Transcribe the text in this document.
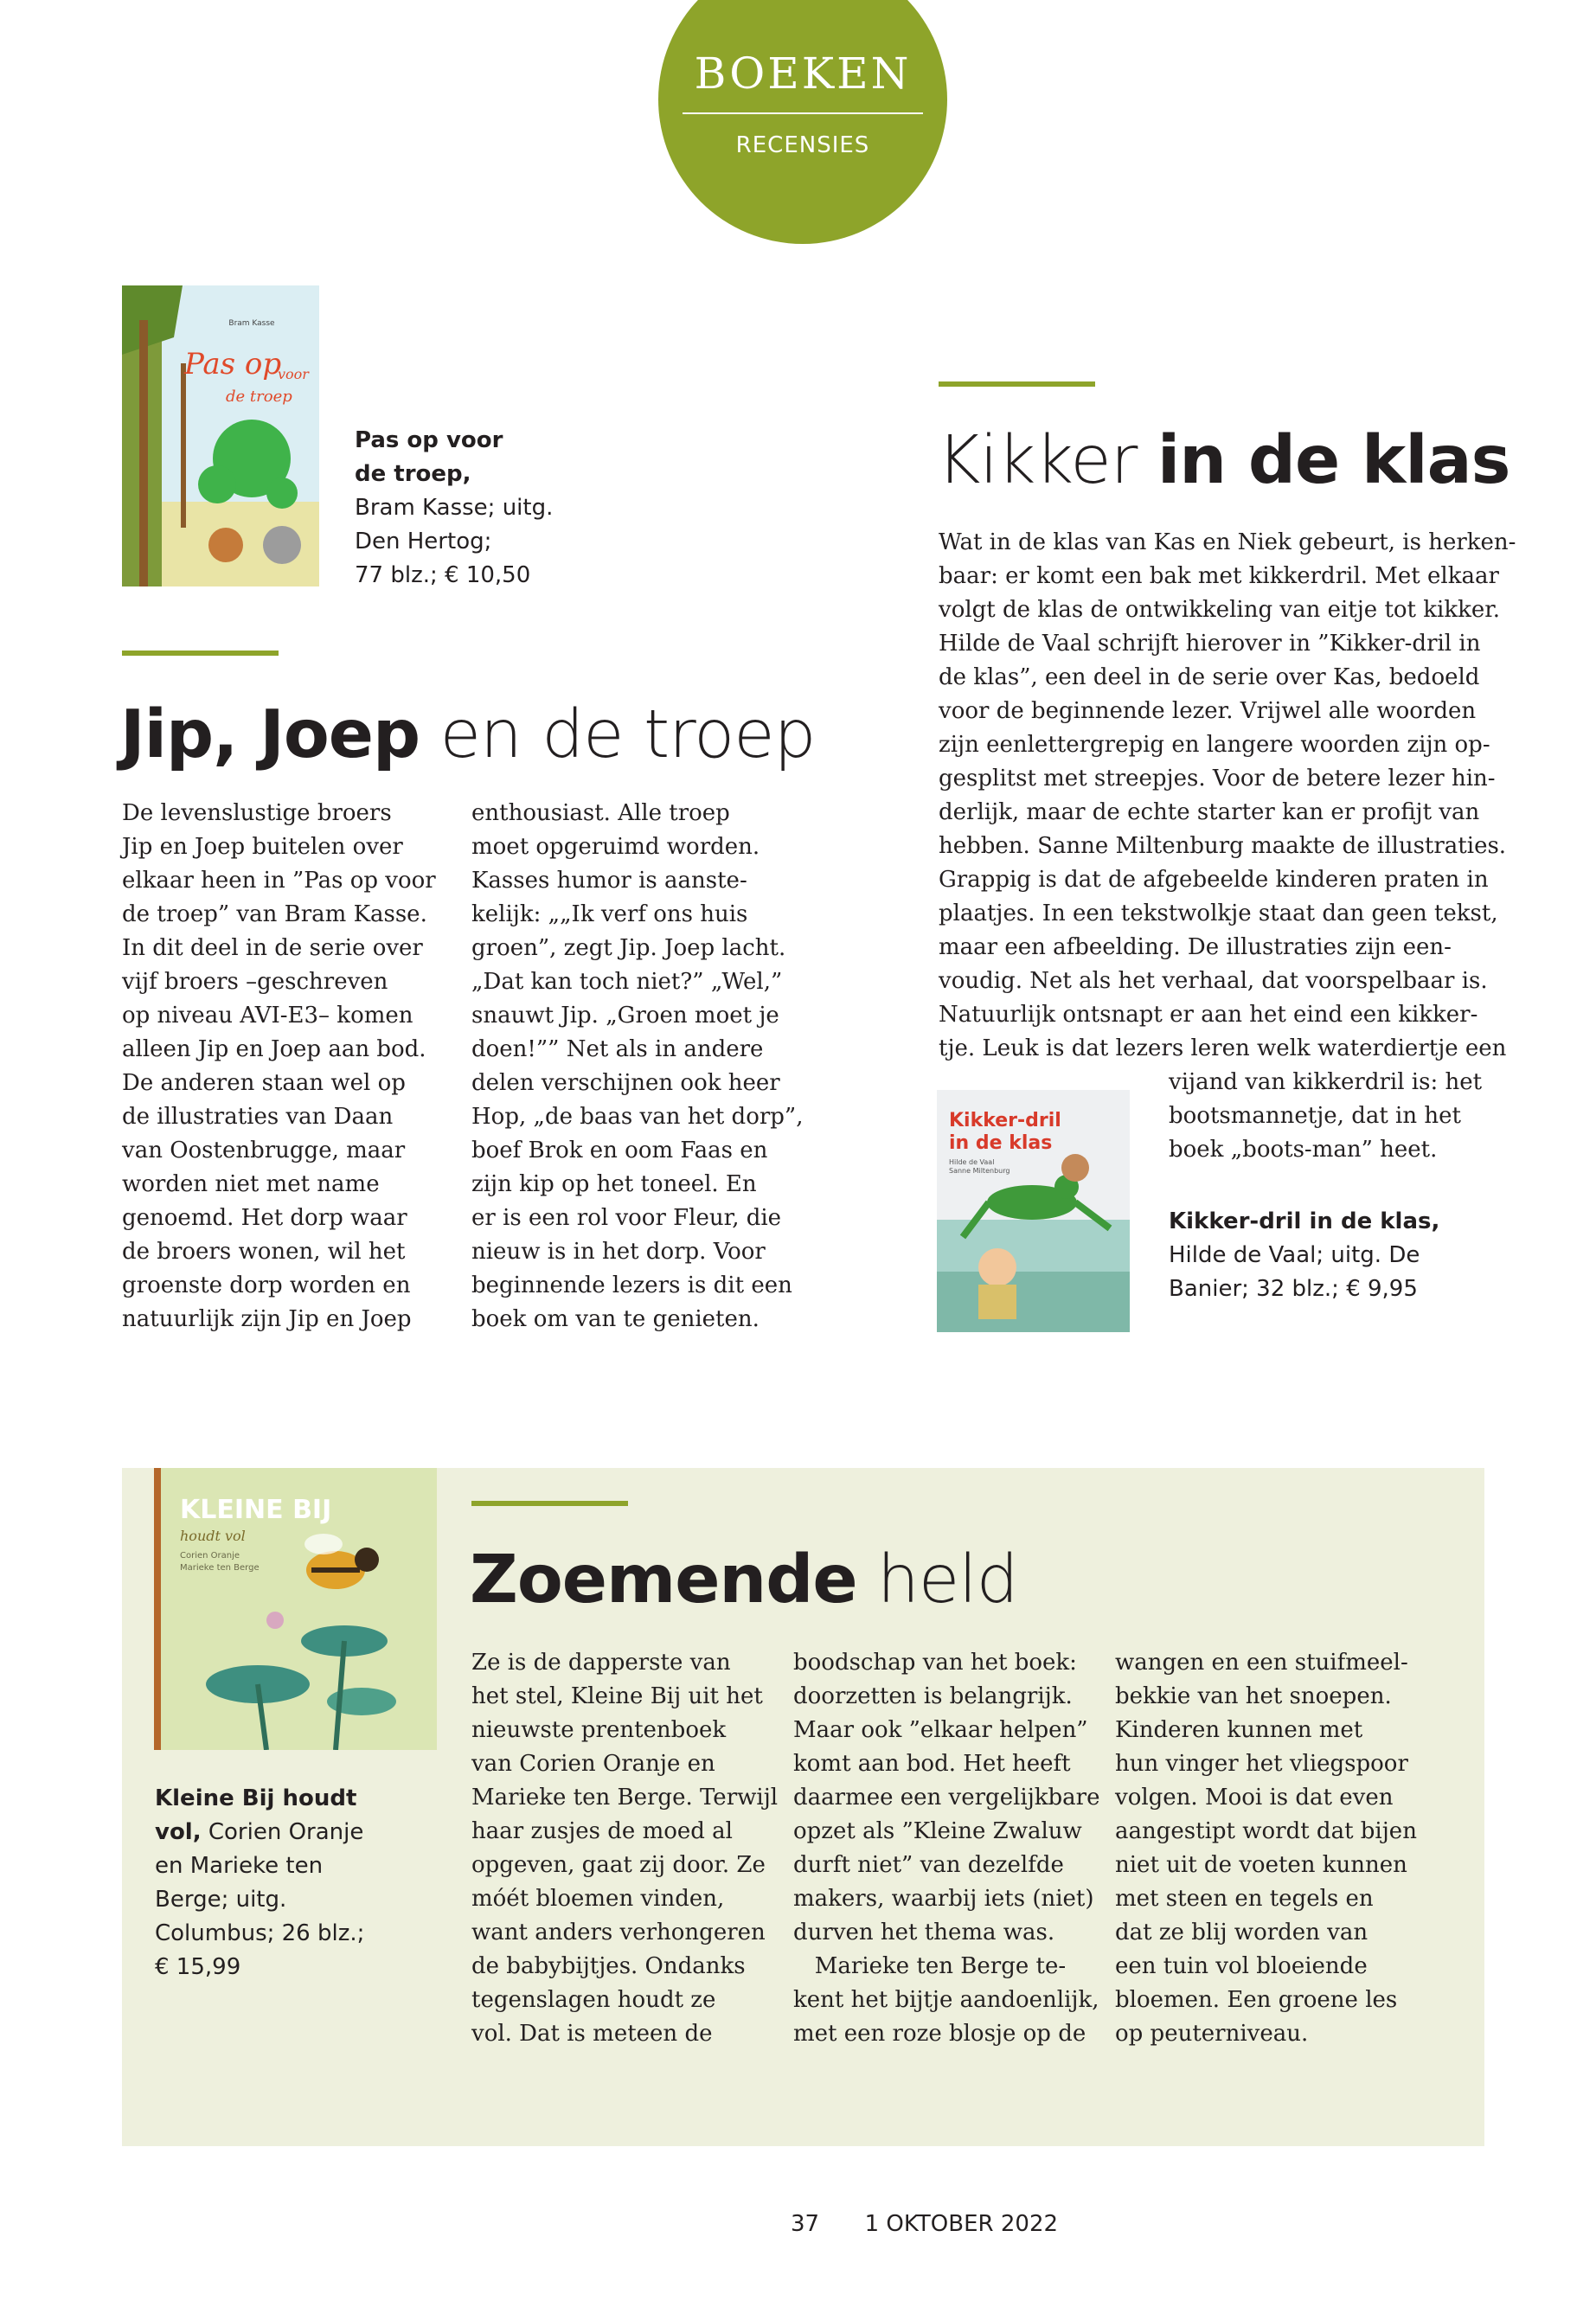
BOEKEN
RECENSIES
Bram Kasse
Pas op
voor
de troep
Pas op voor
de troep,
Bram Kasse; uitg.
Den Hertog;
77 blz.; € 10,50
Jip, Joep en de troep
De levenslustige broers
Jip en Joep buitelen over
elkaar heen in ”Pas op voor
de troep” van Bram Kasse.
In dit deel in de serie over
vijf broers –geschreven
op niveau AVI-E3– komen
alleen Jip en Joep aan bod.
De anderen staan wel op
de illustraties van Daan
van Oostenbrugge, maar
worden niet met name
genoemd. Het dorp waar
de broers wonen, wil het
groenste dorp worden en
natuurlijk zijn Jip en Joep
enthousiast. Alle troep
moet opgeruimd worden.
Kasses humor is aanste-
kelijk: „„Ik verf ons huis
groen”, zegt Jip. Joep lacht.
„Dat kan toch niet?” „Wel,”
snauwt Jip. „Groen moet je
doen!”” Net als in andere
delen verschijnen ook heer
Hop, „de baas van het dorp”,
boef Brok en oom Faas en
zijn kip op het toneel. En
er is een rol voor Fleur, die
nieuw is in het dorp. Voor
beginnende lezers is dit een
boek om van te genieten.
Kikker in de klas
Wat in de klas van Kas en Niek gebeurt, is herken-
baar: er komt een bak met kikkerdril. Met elkaar
volgt de klas de ontwikkeling van eitje tot kikker.
Hilde de Vaal schrijft hierover in ”Kikker-dril in
de klas”, een deel in de serie over Kas, bedoeld
voor de beginnende lezer. Vrijwel alle woorden
zijn eenlettergrepig en langere woorden zijn op-
gesplitst met streepjes. Voor de betere lezer hin-
derlijk, maar de echte starter kan er profijt van
hebben. Sanne Miltenburg maakte de illustraties.
Grappig is dat de afgebeelde kinderen praten in
plaatjes. In een tekstwolkje staat dan geen tekst,
maar een afbeelding. De illustraties zijn een-
voudig. Net als het verhaal, dat voorspelbaar is.
Natuurlijk ontsnapt er aan het eind een kikker-
tje. Leuk is dat lezers leren welk waterdiertje een
Kikker-dril
in de klas
Hilde de Vaal
Sanne Miltenburg
vijand van kikkerdril is: het
bootsmannetje, dat in het
boek „boots-man” heet.
Kikker-dril in de klas,
Hilde de Vaal; uitg. De
Banier; 32 blz.; € 9,95
KLEINE BIJ
houdt vol
Corien Oranje
Marieke ten Berge
Kleine Bij houdt
vol, Corien Oranje
en Marieke ten
Berge; uitg.
Columbus; 26 blz.;
€ 15,99
Zoemende held
Ze is de dapperste van
het stel, Kleine Bij uit het
nieuwste prentenboek
van Corien Oranje en
Marieke ten Berge. Terwijl
haar zusjes de moed al
opgeven, gaat zij door. Ze
móét bloemen vinden,
want anders verhongeren
de babybijtjes. Ondanks
tegenslagen houdt ze
vol. Dat is meteen de
boodschap van het boek:
doorzetten is belangrijk.
Maar ook ”elkaar helpen”
komt aan bod. Het heeft
daarmee een vergelijkbare
opzet als ”Kleine Zwaluw
durft niet” van dezelfde
makers, waarbij iets (niet)
durven het thema was.
Marieke ten Berge te-
kent het bijtje aandoenlijk,
met een roze blosje op de
wangen en een stuifmeel-
bekkie van het snoepen.
Kinderen kunnen met
hun vinger het vliegspoor
volgen. Mooi is dat even
aangestipt wordt dat bijen
niet uit de voeten kunnen
met steen en tegels en
dat ze blij worden van
een tuin vol bloeiende
bloemen. Een groene les
op peuterniveau.
37 1 OKTOBER 2022
